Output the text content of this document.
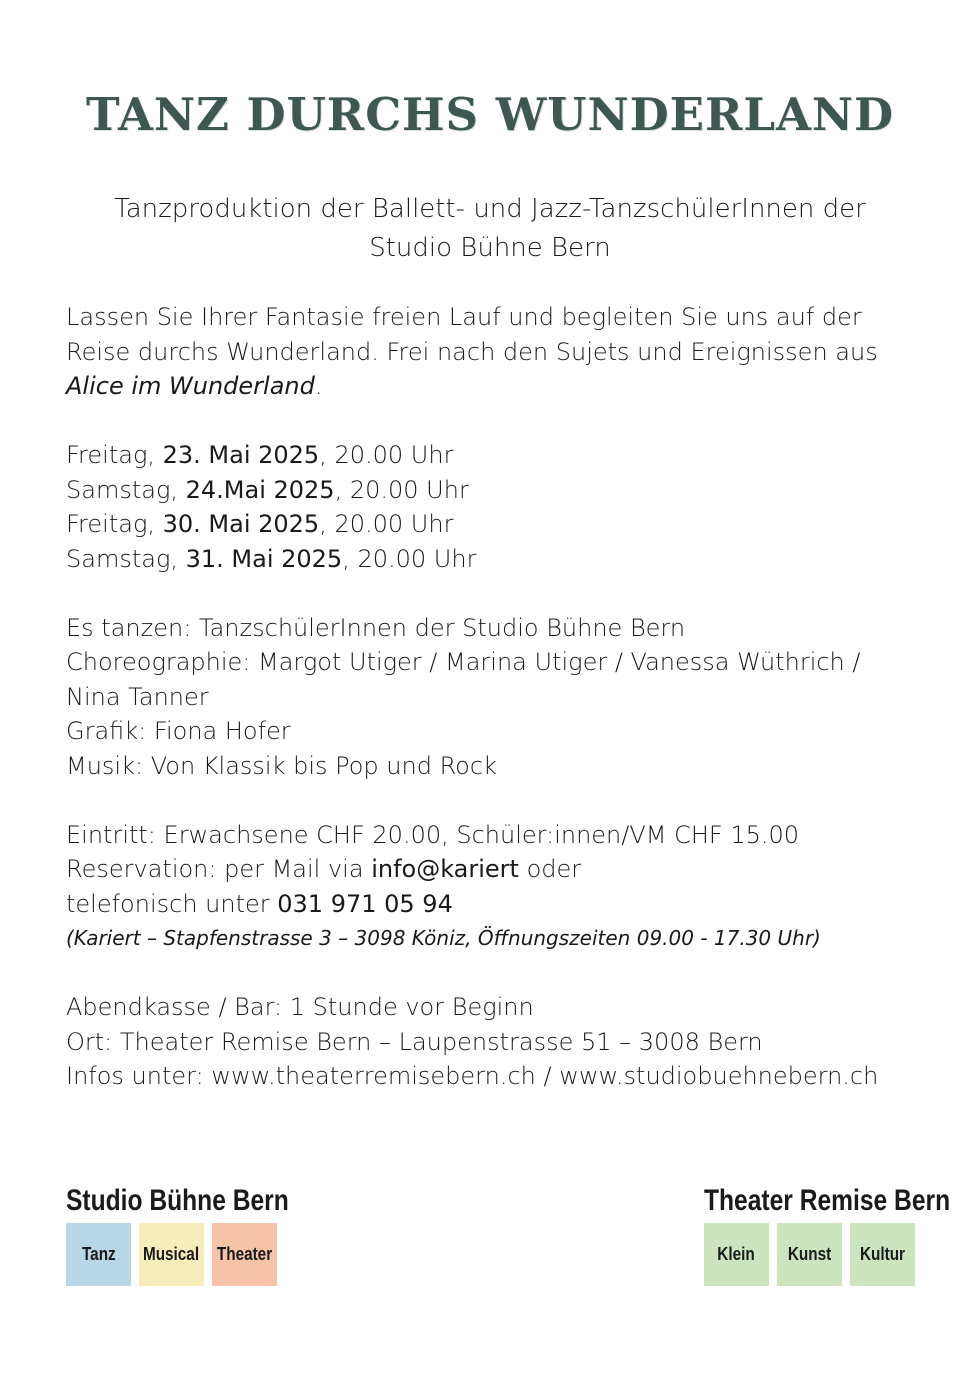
TANZ DURCHS WUNDERLAND
Tanzproduktion der Ballett- und Jazz-TanzschülerInnen der
Studio Bühne Bern

Lassen Sie Ihrer Fantasie freien Lauf und begleiten Sie uns auf der

Reise durchs Wunderland. Frei nach den Sujets und Ereignissen aus

Alice im Wunderland.

Freitag, 23. Mai 2025, 20.00 Uhr

Samstag, 24.Mai 2025, 20.00 Uhr

Freitag, 30. Mai 2025, 20.00 Uhr

Samstag, 31. Mai 2025, 20.00 Uhr

Es tanzen: TanzschülerInnen der Studio Bühne Bern

Choreographie: Margot Utiger / Marina Utiger / Vanessa Wüthrich /

Nina Tanner

Grafik: Fiona Hofer

Musik: Von Klassik bis Pop und Rock

Eintritt: Erwachsene CHF 20.00, Schüler:innen/VM CHF 15.00

Reservation: per Mail via info@kariert oder

telefonisch unter 031 971 05 94

(Kariert – Stapfenstrasse 3 – 3098 Köniz, Öffnungszeiten 09.00 - 17.30 Uhr)

Abendkasse / Bar: 1 Stunde vor Beginn

Ort: Theater Remise Bern – Laupenstrasse 51 – 3008 Bern

Infos unter: www.theaterremisebern.ch / www.studiobuehnebern.ch

Studio Bühne Bern
Tanz Musical Theater
Theater Remise Bern
Klein Kunst Kultur
